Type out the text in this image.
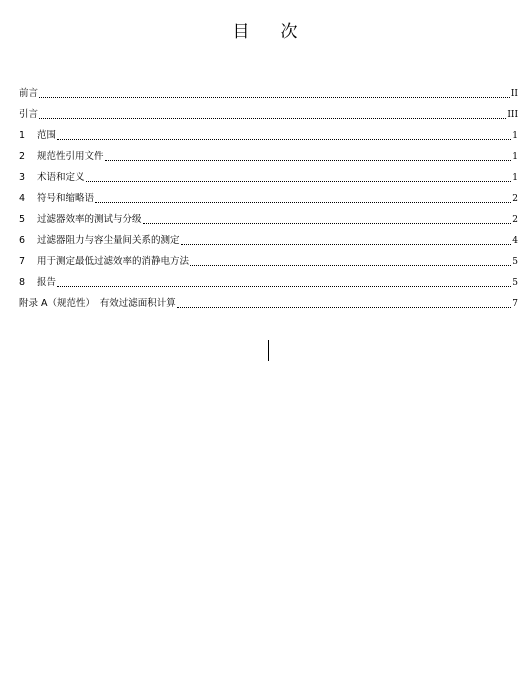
目 次
前言	II
引言	III
1	范围	1
2	规范性引用文件	1
3	术语和定义	1
4	符号和缩略语	2
5	过滤器效率的测试与分级	2
6	过滤器阻力与容尘量间关系的测定	4
7	用于测定最低过滤效率的消静电方法	5
8	报告	5
附录 A（规范性）　有效过滤面积计算	7
